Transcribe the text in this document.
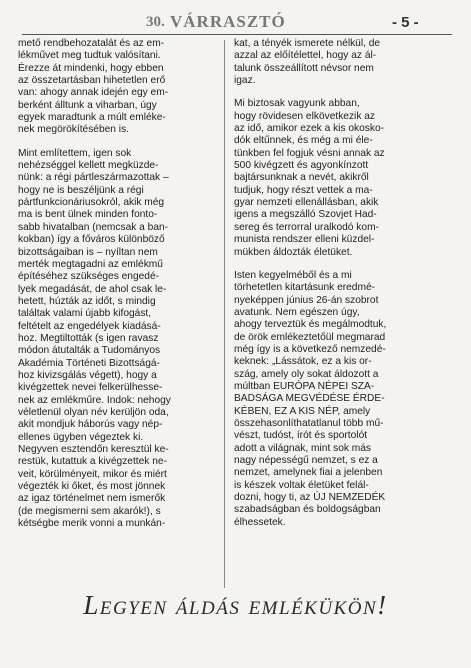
30. VÁRRASZTÓ	- 5 -
mető rendbehozatalát és az em-
lékművet meg tudtuk valósítani.
Érezze át mindenki, hogy ebben
az összetartásban hihetetlen erő
van: ahogy annak idején egy em-
berként álltunk a viharban, úgy
egyek maradtunk a múlt emléke-
nek megörökítésében is.
Mint említettem, igen sok
nehézséggel kellett megküzde-
nünk: a régi pártleszármazottak –
hogy ne is beszéljünk a régi
pártfunkcionáriusokról, akik még
ma is bent ülnek minden fonto-
sabb hivatalban (nemcsak a ban-
kokban) így a főváros különböző
bizottságaiban is – nyíltan nem
merték megtagadni az emlékmű
építéséhez szükséges engedé-
lyek megadását, de ahol csak le-
hetett, húzták az időt, s mindig
találtak valami újabb kifogást,
feltételt az engedélyek kiadásá-
hoz. Megtiltották (s igen ravasz
módon átutalták a Tudományos
Akadémia Történeti Bizottságá-
hoz kivizsgálás végett), hogy a
kivégzettek nevei felkerülhesse-
nek az emlékműre. Indok: nehogy
véletlenül olyan név kerüljön oda,
akit mondjuk háborús vagy nép-
ellenes ügyben végeztek ki.
Negyven esztendőn keresztül ke-
restük, kutattuk a kivégzettek ne-
veit, körülményeit, mikor és miért
végezték ki őket, és most jönnek
az igaz történelmet nem ismerők
(de megismerni sem akarók!), s
kétségbe merik vonni a munkán-
kat, a tényék ismerete nélkül, de
azzal az előítélettel, hogy az ál-
talunk összeállított névsor nem
igaz.
Mi biztosak vagyunk abban,
hogy rövidesen elkövetkezik az
az idő, amikor ezek a kis okosko-
dók eltűnnek, és még a mi éle-
tünkben fel fogjuk vésni annak az
500 kivégzett és agyonkínzott
bajtársunknak a nevét, akikről
tudjuk, hogy részt vettek a ma-
gyar nemzeti ellenállásban, akik
igens a megszálló Szovjet Had-
sereg és terrorral uralkodó kom-
munista rendszer elleni küzdel-
mükben áldozták életüket.
Isten kegyelméből és a mi
törhetetlen kitartásunk eredmé-
nyeképpen június 26-án szobrot
avatunk. Nem egészen úgy,
ahogy terveztük és megálmodtuk,
de örök emlékeztetőül megmarad
még így is a következő nemzedé-
keknek: „Lássátok, ez a kis or-
szág, amely oly sokat áldozott a
múltban EURÓPA NÉPEI SZA-
BADSÁGA MEGVÉDÉSE ÉRDE-
KÉBEN, EZ A KIS NÉP, amely
összehasonlíthatatlanul több mű-
vészt, tudóst, írót és sportolót
adott a világnak, mint sok más
nagy népességű nemzet, s ez a
nemzet, amelynek fiai a jelenben
is készek voltak életüket felál-
dozni, hogy ti, az ÚJ NEMZEDÉK
szabadságban és boldogságban
élhessetek.
Legyen áldás emlékükön!
